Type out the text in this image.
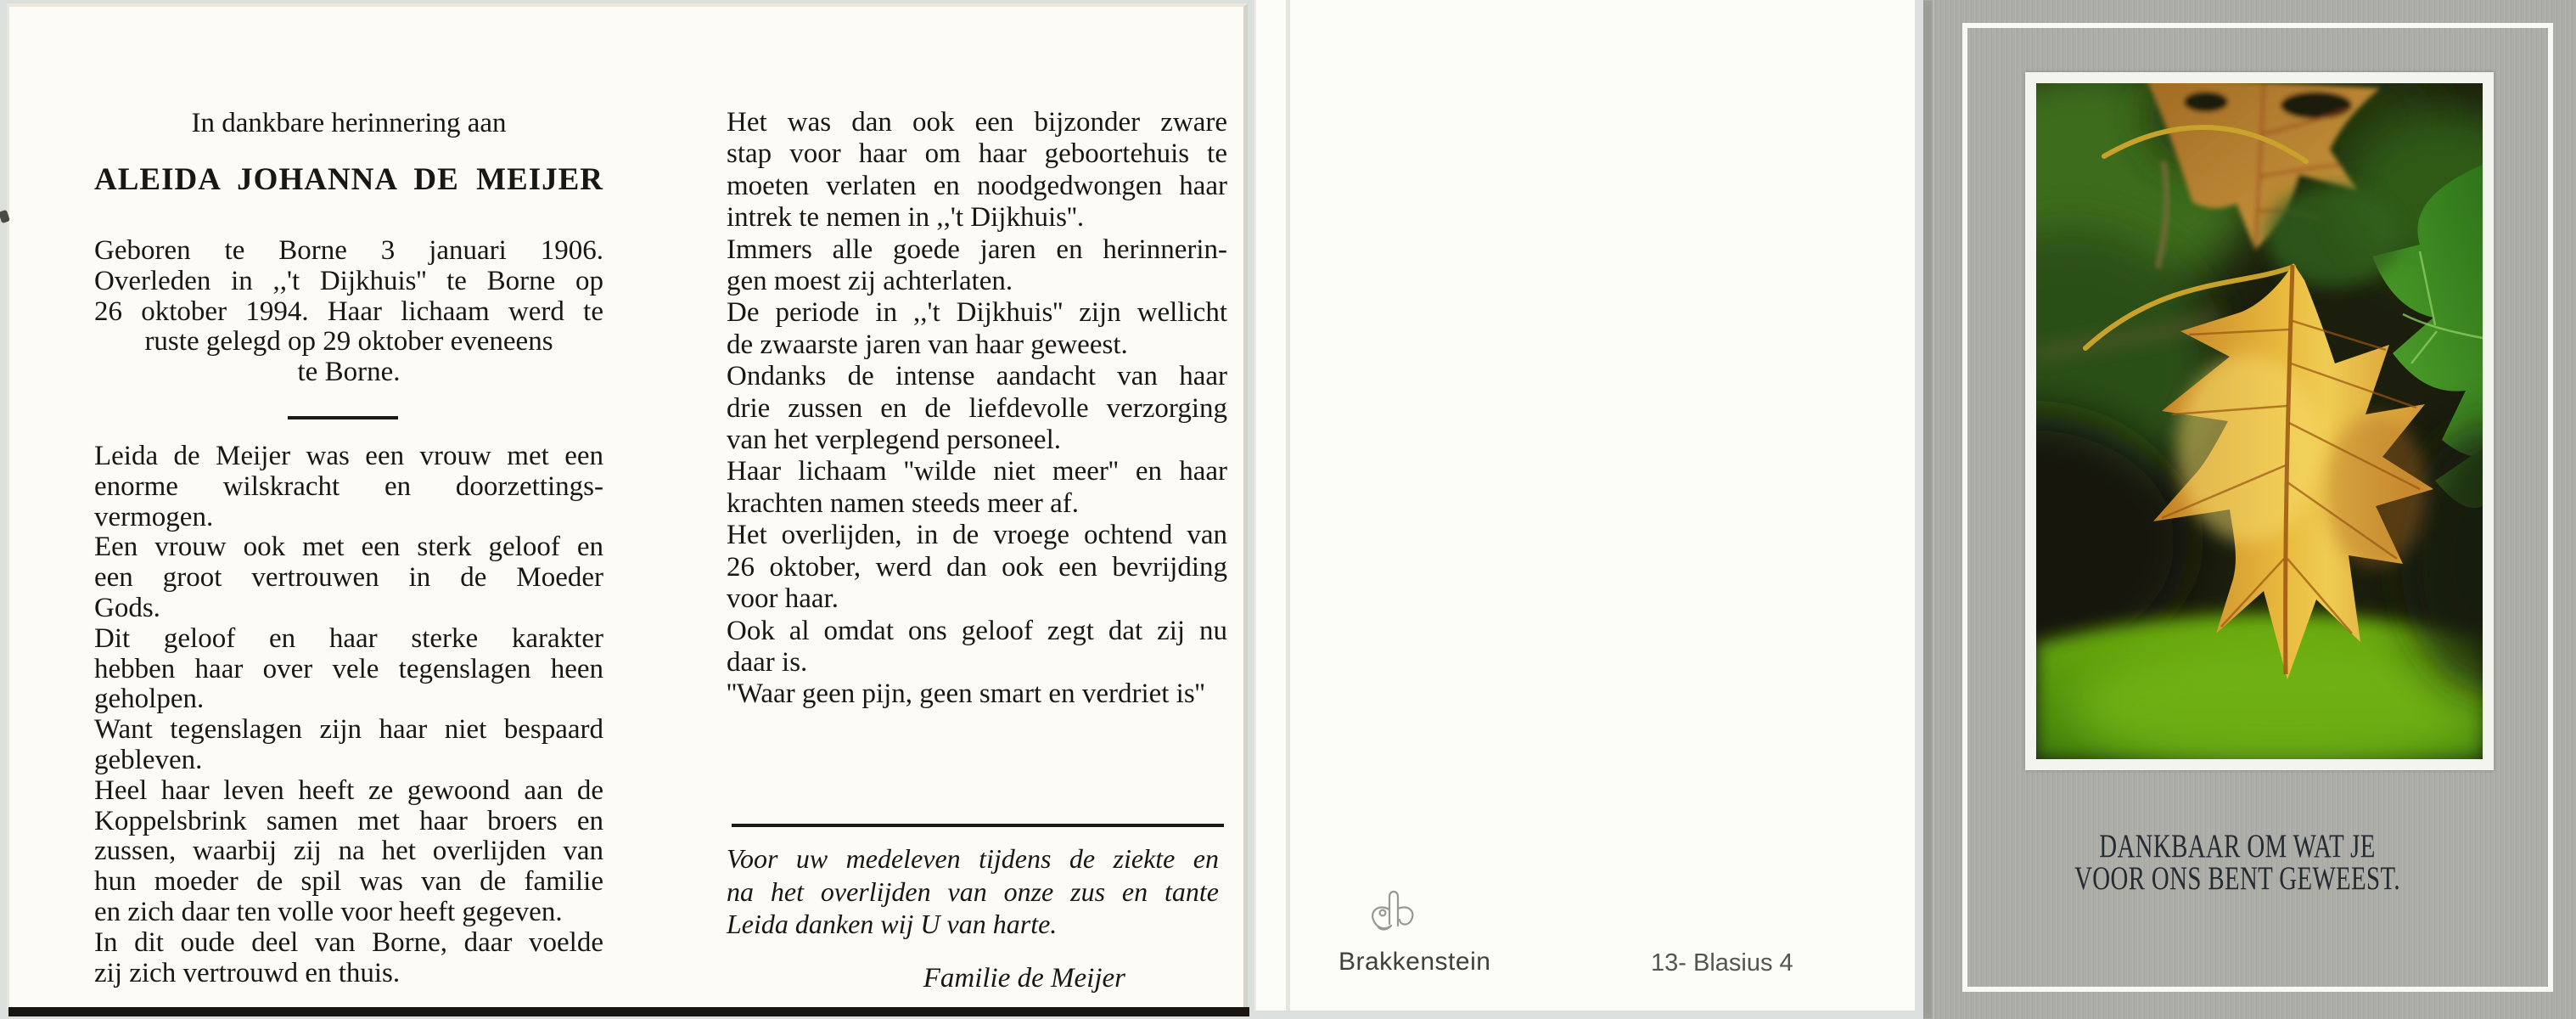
In dankbare herinnering aan
ALEIDA JOHANNA DE MEIJER
Geboren te Borne 3 januari 1906.
Overleden in ,,'t Dijkhuis'' te Borne op
26 oktober 1994. Haar lichaam werd te
ruste gelegd op 29 oktober eveneens
te Borne.
Leida de Meijer was een vrouw met een
enorme wilskracht en doorzettings-
vermogen.
Een vrouw ook met een sterk geloof en
een groot vertrouwen in de Moeder
Gods.
Dit geloof en haar sterke karakter
hebben haar over vele tegenslagen heen
geholpen.
Want tegenslagen zijn haar niet bespaard
gebleven.
Heel haar leven heeft ze gewoond aan de
Koppelsbrink samen met haar broers en
zussen, waarbij zij na het overlijden van
hun moeder de spil was van de familie
en zich daar ten volle voor heeft gegeven.
In dit oude deel van Borne, daar voelde
zij zich vertrouwd en thuis.
Het was dan ook een bijzonder zware
stap voor haar om haar geboortehuis te
moeten verlaten en noodgedwongen haar
intrek te nemen in ,,'t Dijkhuis''.
Immers alle goede jaren en herinnerin-
gen moest zij achterlaten.
De periode in ,,'t Dijkhuis'' zijn wellicht
de zwaarste jaren van haar geweest.
Ondanks de intense aandacht van haar
drie zussen en de liefdevolle verzorging
van het verplegend personeel.
Haar lichaam ''wilde niet meer'' en haar
krachten namen steeds meer af.
Het overlijden, in de vroege ochtend van
26 oktober, werd dan ook een bevrijding
voor haar.
Ook al omdat ons geloof zegt dat zij nu
daar is.
''Waar geen pijn, geen smart en verdriet is''
Voor uw medeleven tijdens de ziekte en
na het overlijden van onze zus en tante
Leida danken wij U van harte.
Familie de Meijer
Brakkenstein	13- Blasius 4
DANKBAAR OM WAT JE
VOOR ONS BENT GEWEEST.
